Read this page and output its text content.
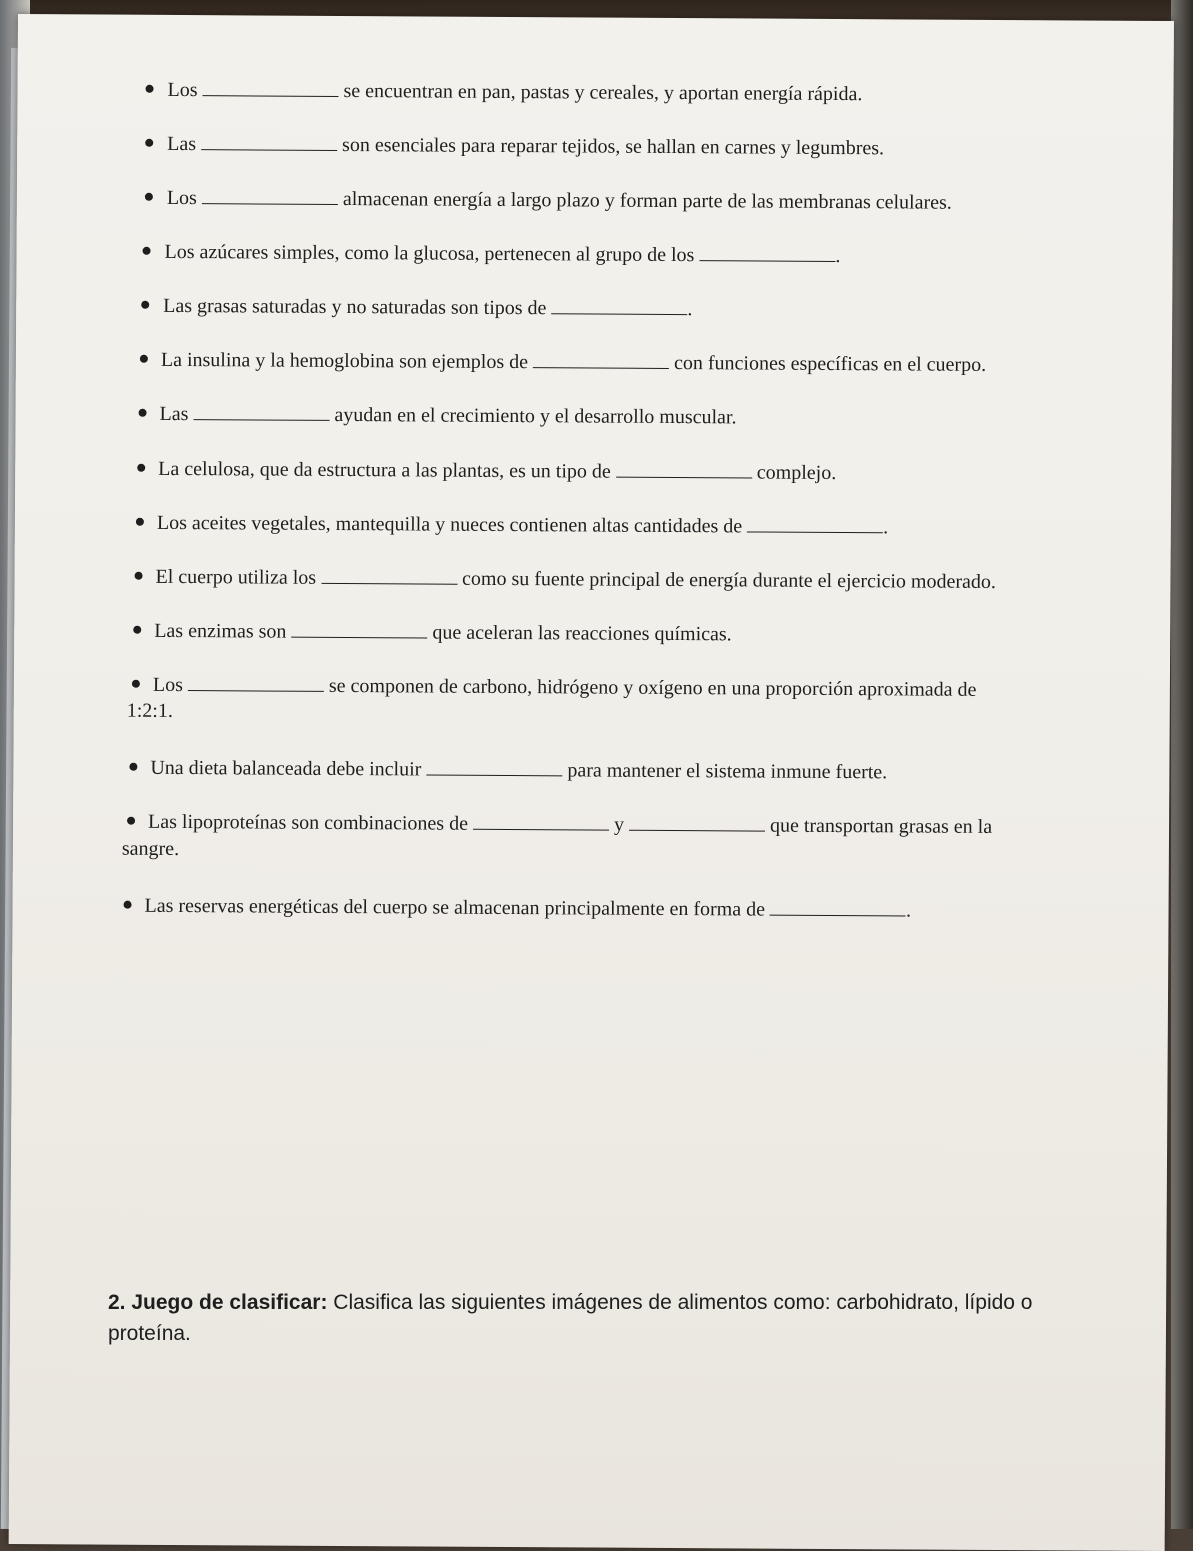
Los	se encuentran en pan, pastas y cereales, y aportan energía rápida.
Las	son esenciales para reparar tejidos, se hallan en carnes y legumbres.
Los	almacenan energía a largo plazo y forman parte de las membranas celulares.
Los azúcares simples, como la glucosa, pertenecen al grupo de los	.
Las grasas saturadas y no saturadas son tipos de	.
La insulina y la hemoglobina son ejemplos de	con funciones específicas en el cuerpo.
Las	ayudan en el crecimiento y el desarrollo muscular.
La celulosa, que da estructura a las plantas, es un tipo de	complejo.
Los aceites vegetales, mantequilla y nueces contienen altas cantidades de	.
El cuerpo utiliza los	como su fuente principal de energía durante el ejercicio moderado.
Las enzimas son	que aceleran las reacciones químicas.
Los	se componen de carbono, hidrógeno y oxígeno en una proporción aproximada de
1:2:1.
Una dieta balanceada debe incluir	para mantener el sistema inmune fuerte.
Las lipoproteínas son combinaciones de	y	que transportan grasas en la
sangre.
Las reservas energéticas del cuerpo se almacenan principalmente en forma de	.
2. Juego de clasificar: Clasifica las siguientes imágenes de alimentos como: carbohidrato, lípido o proteína.
